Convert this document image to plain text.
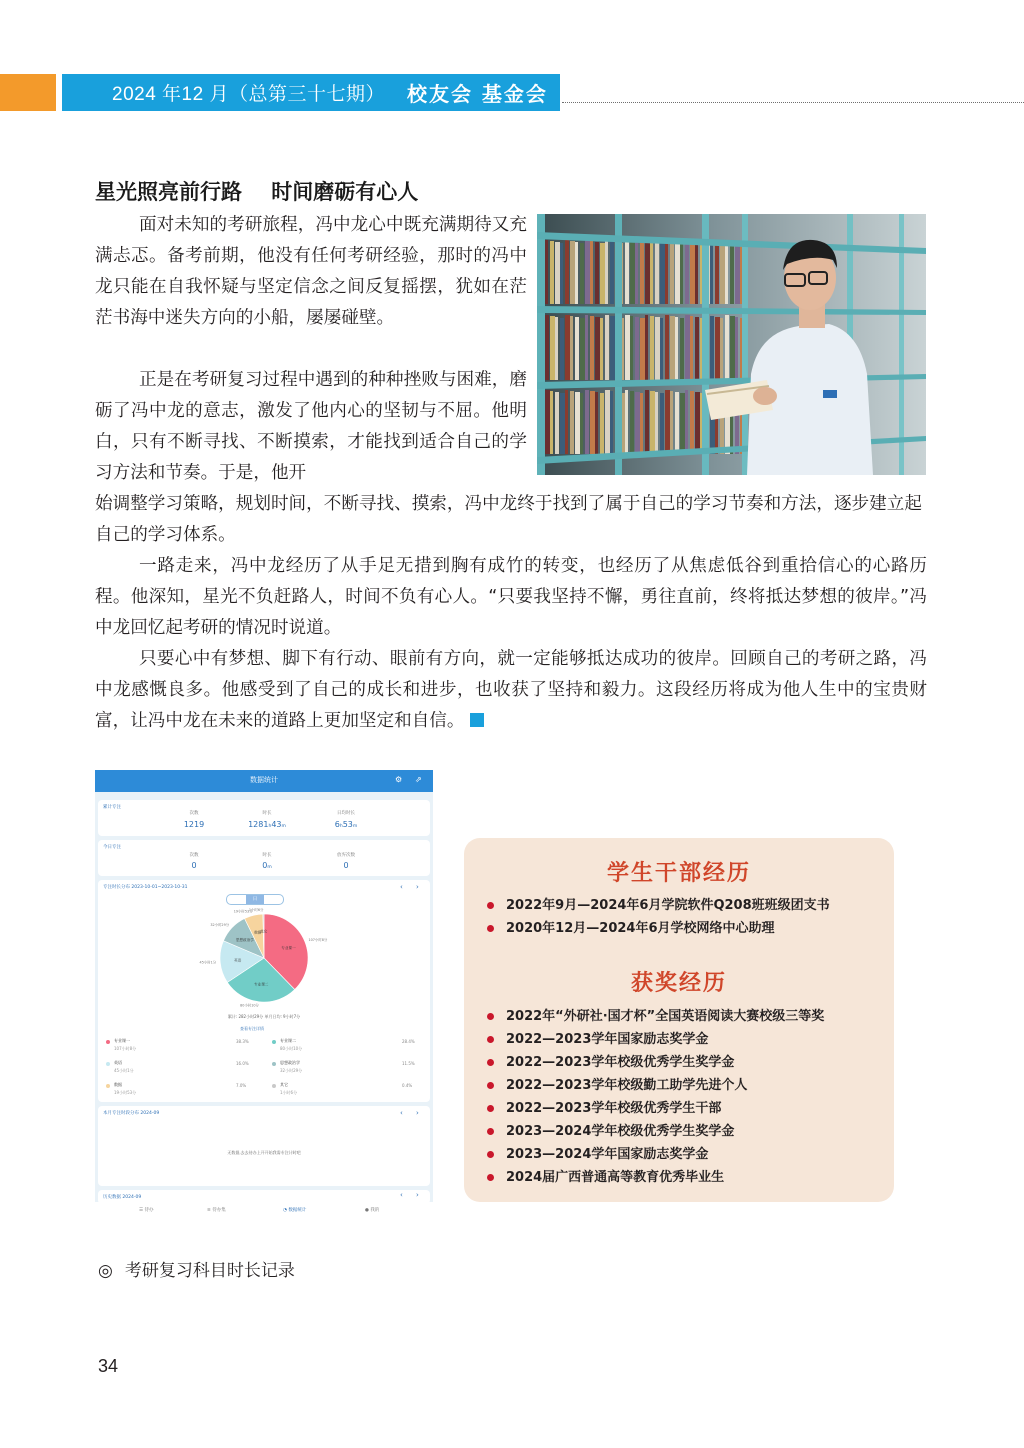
2024 年12 月（总第三十七期） 校友会 基金会
星光照亮前行路    时间磨砺有心人

面对未知的考研旅程，冯中龙心中既充满期待又充满忐忑。备考前期，他没有任何考研经验，那时的冯中龙只能在自我怀疑与坚定信念之间反复摇摆，犹如在茫茫书海中迷失方向的小船，屡屡碰壁。

正是在考研复习过程中遇到的种种挫败与困难，磨砺了冯中龙的意志，激发了他内心的坚韧与不屈。他明白，只有不断寻找、不断摸索，才能找到适合自己的学习方法和节奏。于是，他开

始调整学习策略，规划时间，不断寻找、摸索，冯中龙终于找到了属于自己的学习节奏和方法，逐步建立起自己的学习体系。

一路走来，冯中龙经历了从手足无措到胸有成竹的转变，也经历了从焦虑低谷到重拾信心的心路历程。他深知，星光不负赶路人，时间不负有心人。“只要我坚持不懈，勇往直前，终将抵达梦想的彼岸。”冯中龙回忆起考研的情况时说道。

只要心中有梦想、脚下有行动、眼前有方向，就一定能够抵达成功的彼岸。回顾自己的考研之路，冯中龙感慨良多。他感受到了自己的成长和进步，也收获了坚持和毅力。这段经历将成为他人生中的宝贵财富，让冯中龙在未来的道路上更加坚定和自信。

数据统计	⚙ ⇗
累计专注
次数	时长	日均时长
1219	1281h43m	6h53m
今日专注
次数	时长	放弃次数
0	0m	0
专注时长分布 2023-10-01~2023-10-31	‹ ›
日
专业课一
107小时8分
专业课二
80小时10分
英语
45小时1分
思想政治学
32小时29分
数据
19小时53分
其它
1小时6分
累计: 282小时29分 单月日均: 9小时7分
查看专注详情
专业课一	38.3%
107小时8分
专业课二	28.4%
80小时10分
英语	16.0%
45小时1分
思想政治学	11.5%
32小时29分
数据	7.0%
19小时53分
其它	0.4%
1小时6分
本月专注时段分布 2024-09	‹ ›
无数据,去去待办上开开始我需专注计时吧
历史数据 2024-09	‹ ›
☰ 待办	≡ 待办集	◔ 数据统计	● 我的
◎ 考研复习科目时长记录
学生干部经历
2022年9月—2024年6月学院软件Q208班班级团支书
2020年12月—2024年6月学校网络中心助理
获奖经历
2022年“外研社·国才杯”全国英语阅读大赛校级三等奖
2022—2023学年国家励志奖学金
2022—2023学年校级优秀学生奖学金
2022—2023学年校级勤工助学先进个人
2022—2023学年校级优秀学生干部
2023—2024学年校级优秀学生奖学金
2023—2024学年国家励志奖学金
2024届广西普通高等教育优秀毕业生
34
